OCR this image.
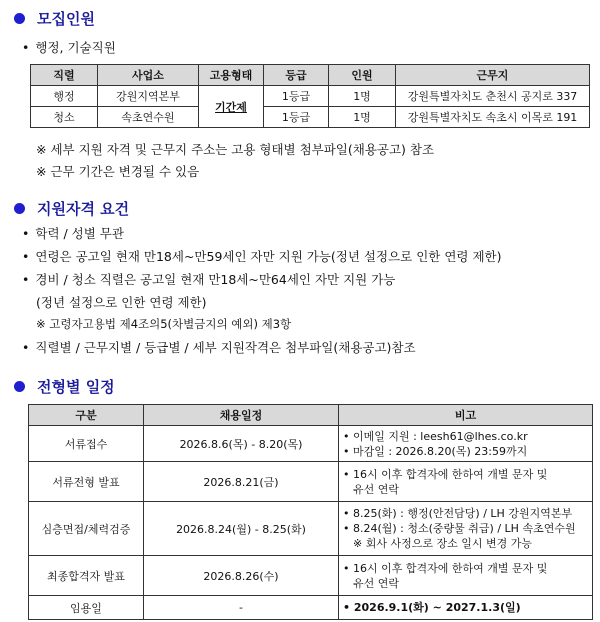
모집인원
• 행정, 기술직원
직렬	사업소	고용형태	등급	인원	근무지
행정	강원지역본부	기간제	1등급	1명	강원특별자치도 춘천시 공지로 337
청소	속초연수원		1등급	1명	강원특별자치도 속초시 이목로 191
※ 세부 지원 자격 및 근무지 주소는 고용 형태별 첨부파일(채용공고) 참조
※ 근무 기간은 변경될 수 있음
지원자격 요건
• 학력 / 성별 무관
• 연령은 공고일 현재 만18세~만59세인 자만 지원 가능(정년 설정으로 인한 연령 제한)
• 경비 / 청소 직렬은 공고일 현재 만18세~만64세인 자만 지원 가능
(정년 설정으로 인한 연령 제한)
※ 고령자고용법 제4조의5(차별금지의 예외) 제3항
• 직렬별 / 근무지별 / 등급별 / 세부 지원작격은 첨부파일(채용공고)참조
전형별 일정
구분	채용일정	비고
서류접수	2026.8.6(목) - 8.20(목)	• 이메일 지원 : leesh61@lhes.co.kr
• 마감일 : 2026.8.20(목) 23:59까지

서류전형 발표	2026.8.21(금)	• 16시 이후 합격자에 한하여 개별 문자 및
유선 연락

심층면접/체력검증	2026.8.24(월) - 8.25(화)	• 8.25(화) : 행정(안전담당) / LH 강원지역본부
• 8.24(월) : 청소(중량물 취급) / LH 속초연수원
※ 회사 사정으로 장소 일시 변경 가능

최종합격자 발표	2026.8.26(수)	• 16시 이후 합격자에 한하여 개별 문자 및
유선 연락

임용일	-	• 2026.9.1(화) ~ 2027.1.3(일)
